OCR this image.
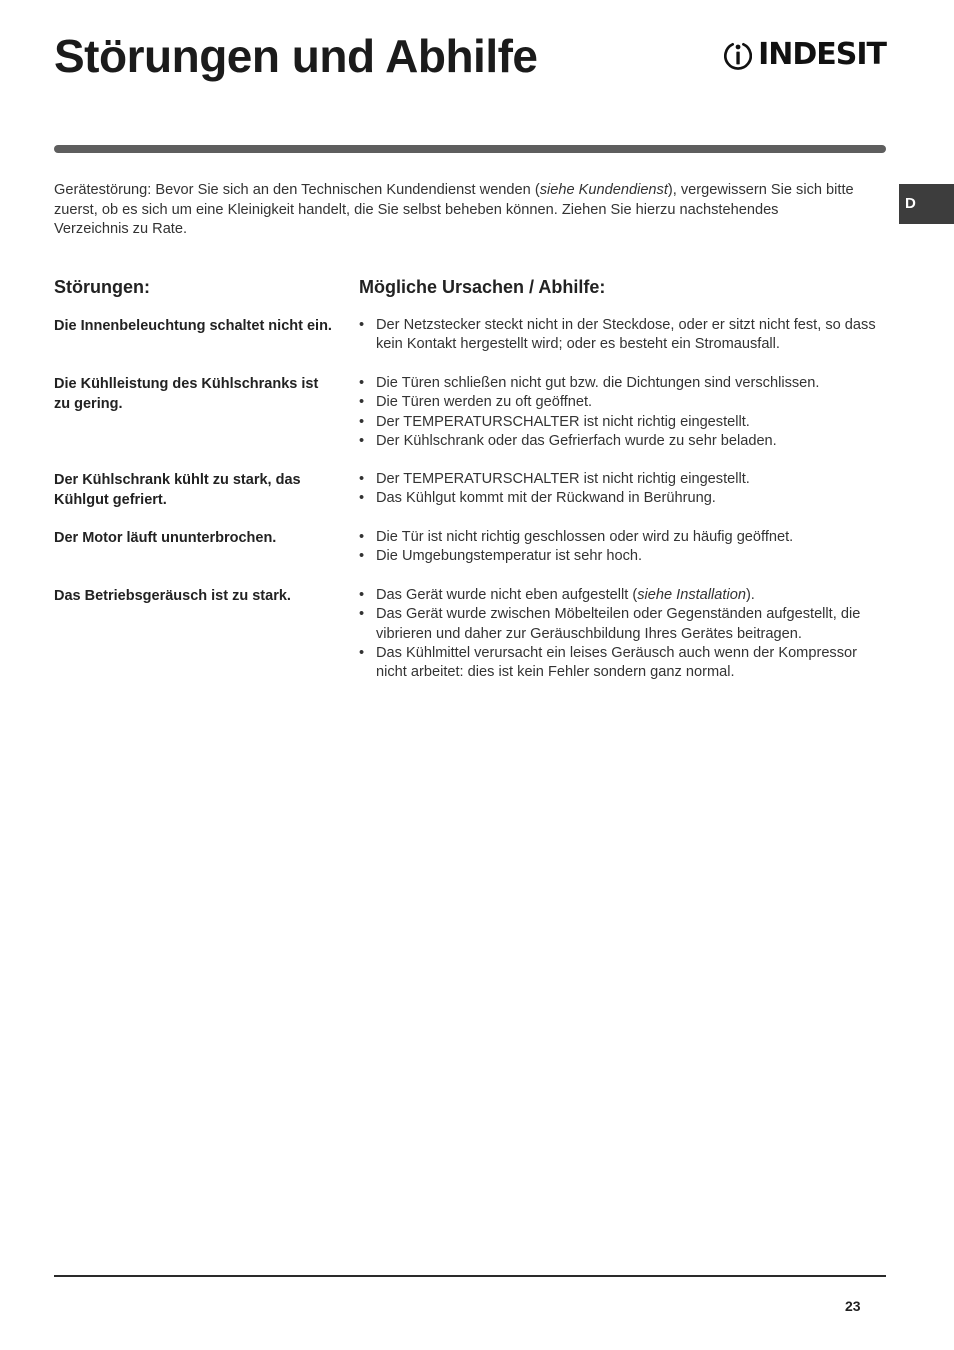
Störungen und Abhilfe	INDESIT
D

Gerätestörung: Bevor Sie sich an den Technischen Kundendienst wenden (siehe Kundendienst), vergewissern Sie sich bitte zuerst, ob es sich um eine Kleinigkeit handelt, die Sie selbst beheben können. Ziehen Sie hierzu nachstehendes Verzeichnis zu Rate.

Störungen:	Mögliche Ursachen / Abhilfe:

Die Innenbeleuchtung schaltet nicht ein. • Der Netzstecker steckt nicht in der Steckdose, oder er sitzt nicht fest, so dass kein Kontakt hergestellt wird; oder es besteht ein Stromausfall.

Die Kühlleistung des Kühlschranks ist zu gering.

• Die Türen schließen nicht gut bzw. die Dichtungen sind verschlissen.
• Die Türen werden zu oft geöffnet.
• Der TEMPERATURSCHALTER ist nicht richtig eingestellt.
• Der Kühlschrank oder das Gefrierfach wurde zu sehr beladen.

Der Kühlschrank kühlt zu stark, das Kühlgut gefriert.

• Der TEMPERATURSCHALTER ist nicht richtig eingestellt.
• Das Kühlgut kommt mit der Rückwand in Berührung.

Der Motor läuft ununterbrochen.	• Die Tür ist nicht richtig geschlossen oder wird zu häufig geöffnet.
• Die Umgebungstemperatur ist sehr hoch.

Das Betriebsgeräusch ist zu stark.	• Das Gerät wurde nicht eben aufgestellt (siehe Installation).
• Das Gerät wurde zwischen Möbelteilen oder Gegenständen aufgestellt, die vibrieren und daher zur Geräuschbildung Ihres Gerätes beitragen.
• Das Kühlmittel verursacht ein leises Geräusch auch wenn der Kompressor nicht arbeitet: dies ist kein Fehler sondern ganz normal.
23
